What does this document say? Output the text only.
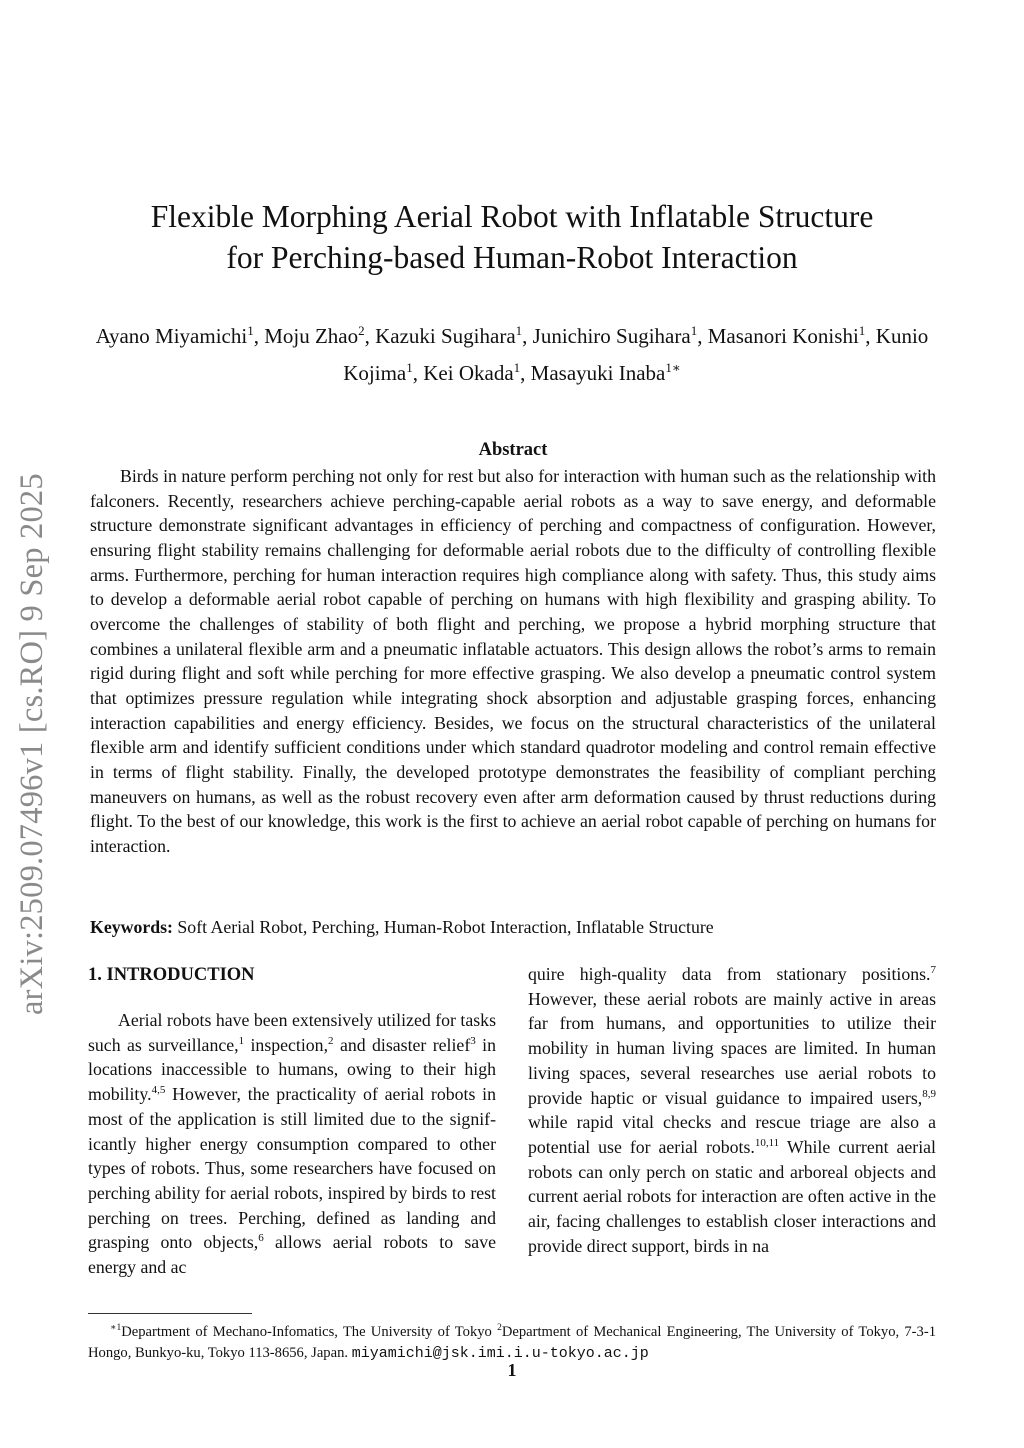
arXiv:2509.07496v1 [cs.RO] 9 Sep 2025
Flexible Morphing Aerial Robot with Inflatable Structure
for Perching-based Human-Robot Interaction
Ayano Miyamichi$^1$, Moju Zhao$^2$, Kazuki Sugihara$^1$, Junichiro Sugihara$^1$, Masanori Konishi$^1$, Kunio Kojima$^1$, Kei Okada$^1$, Masayuki Inaba$^{1∗}$
Abstract

Birds in nature perform perching not only for rest but also for interaction with human such as the relationship with falconers. Recently, researchers achieve perching-capable aerial robots as a way to save energy, and deformable structure demonstrate significant advantages in efficiency of perching and compactness of configuration. However, ensuring flight stability remains challenging for deformable aerial robots due to the difficulty of controlling flexible arms. Furthermore, perching for human interaction requires high compliance along with safety. Thus, this study aims to develop a deformable aerial robot capable of perching on humans with high flexibility and grasping ability. To overcome the challenges of stability of both flight and perching, we propose a hybrid morphing structure that combines a unilateral flexible arm and a pneumatic inflatable actuators. This design allows the robot’s arms to remain rigid during flight and soft while perching for more effective grasping. We also develop a pneumatic control system that optimizes pressure regulation while integrating shock absorption and adjustable grasping forces, enhancing interaction capabilities and energy efficiency. Besides, we focus on the structural characteristics of the unilateral flexible arm and identify sufficient conditions under which standard quadrotor modeling and control remain effective in terms of flight stability. Finally, the developed prototype demonstrates the feasibility of compliant perching maneuvers on humans, as well as the robust recovery even after arm deformation caused by thrust reductions during flight. To the best of our knowledge, this work is the first to achieve an aerial robot capable of perching on humans for interaction.

Keywords: Soft Aerial Robot, Perching, Human-Robot Interaction, Inflatable Structure
1. INTRODUCTION

Aerial robots have been extensively utilized for tasks such as surveillance,$^1$ inspection,$^2$ and disaster relief$^3$ in locations inaccessible to humans, owing to their high mobility.$^{4,5}$ However, the practicality of aerial robots in most of the application is still limited due to the significantly higher energy consumption compared to other types of robots. Thus, some researchers have focused on perching ability for aerial robots, inspired by birds to rest perching on trees. Perching, defined as landing and grasping onto objects,$^6$ allows aerial robots to save energy and ac

quire high-quality data from stationary positions.$^7$ However, these aerial robots are mainly active in areas far from humans, and opportunities to utilize their mobility in human living spaces are limited. In human living spaces, several researches use aerial robots to provide haptic or visual guidance to impaired users,$^{8,9}$ while rapid vital checks and rescue triage are also a potential use for aerial robots.$^{10,11}$ While current aerial robots can only perch on static and arboreal objects and current aerial robots for interaction are often active in the air, facing challenges to establish closer interactions and provide direct support, birds in na

$^{∗1}$Department of Mechano-Infomatics, The University of Tokyo $^2$Department of Mechanical Engineering, The University of Tokyo, 7-3-1 Hongo, Bunkyo-ku, Tokyo 113-8656, Japan. miyamichi@jsk.imi.i.u-tokyo.ac.jp

1
